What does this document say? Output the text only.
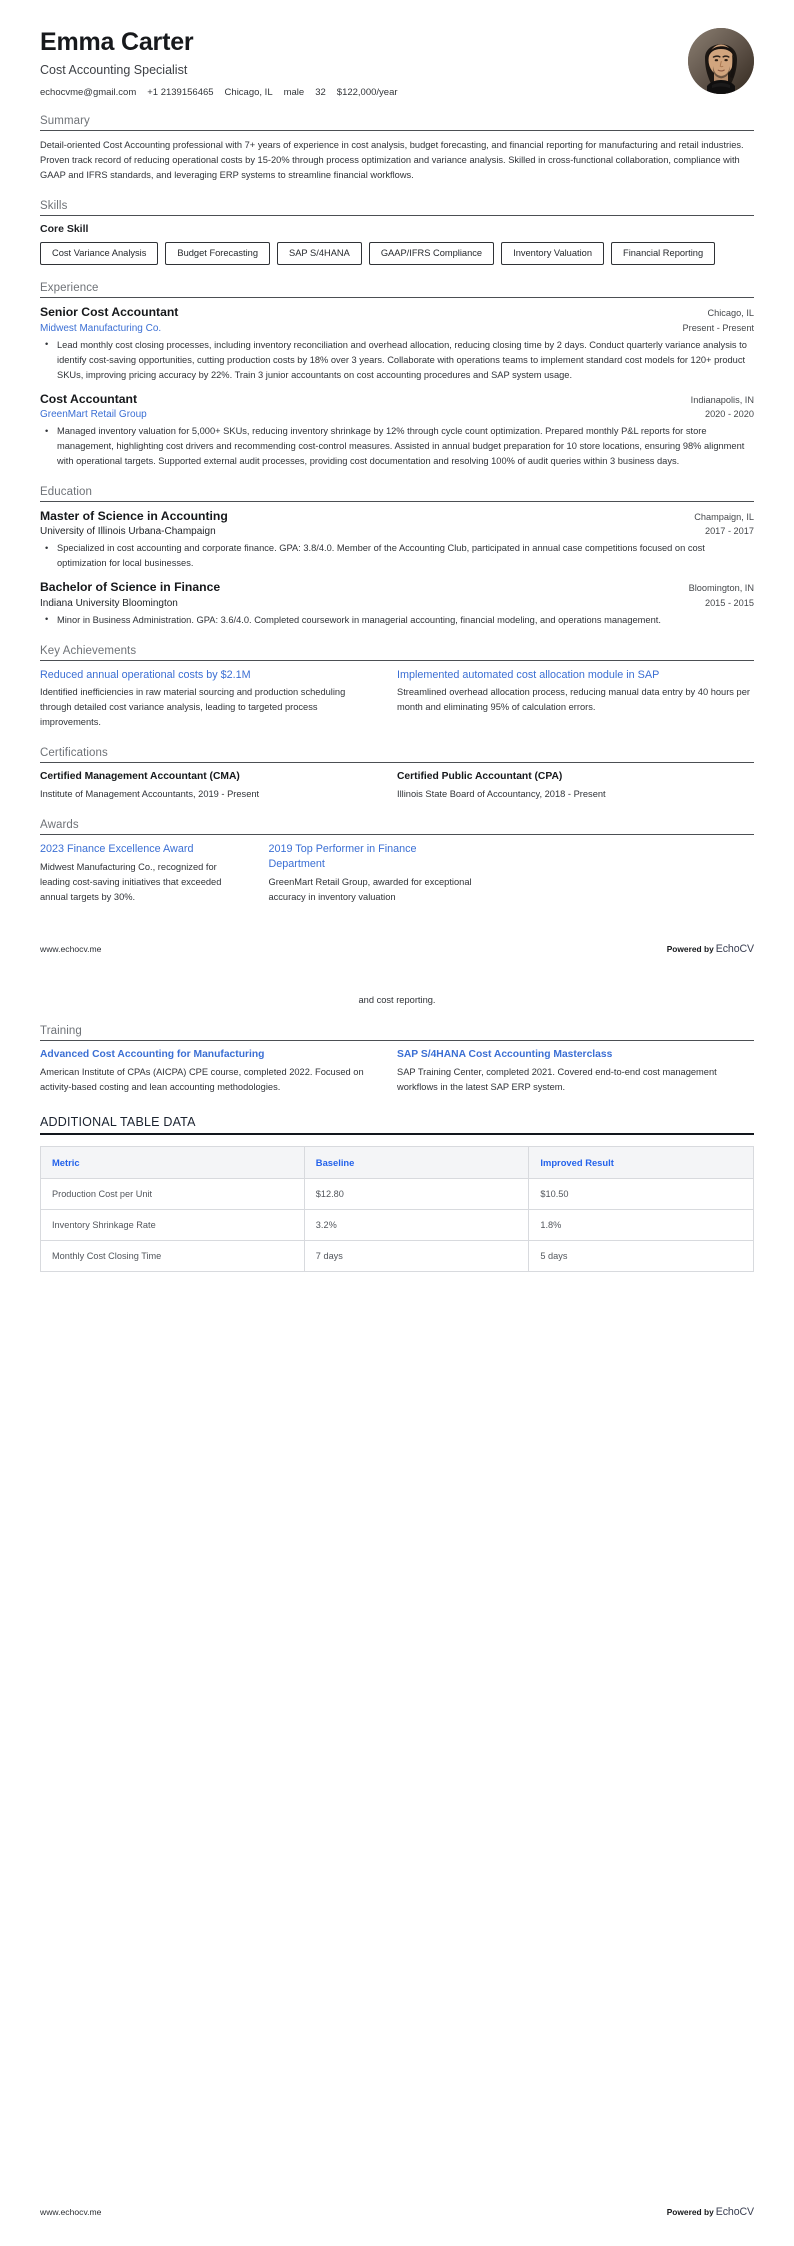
Emma Carter
Cost Accounting Specialist
echocvme@gmail.com +1 2139156465 Chicago, IL male 32 $122,000/year
Summary
Detail-oriented Cost Accounting professional with 7+ years of experience in cost analysis, budget forecasting, and financial reporting for manufacturing and retail industries. Proven track record of reducing operational costs by 15-20% through process optimization and variance analysis. Skilled in cross-functional collaboration, compliance with GAAP and IFRS standards, and leveraging ERP systems to streamline financial workflows.
Skills
Core Skill
Cost Variance Analysis	Budget Forecasting	SAP S/4HANA	GAAP/IFRS Compliance	Inventory Valuation	Financial Reporting
Experience
Senior Cost Accountant	Chicago, IL
Midwest Manufacturing Co.	Present - Present
• Lead monthly cost closing processes, including inventory reconciliation and overhead allocation, reducing closing time by 2 days. Conduct quarterly variance analysis to identify cost-saving opportunities, cutting production costs by 18% over 3 years. Collaborate with operations teams to implement standard cost models for 120+ product SKUs, improving pricing accuracy by 22%. Train 3 junior accountants on cost accounting procedures and SAP system usage.
Cost Accountant	Indianapolis, IN
GreenMart Retail Group	2020 - 2020
• Managed inventory valuation for 5,000+ SKUs, reducing inventory shrinkage by 12% through cycle count optimization. Prepared monthly P&L reports for store management, highlighting cost drivers and recommending cost-control measures. Assisted in annual budget preparation for 10 store locations, ensuring 98% alignment with operational targets. Supported external audit processes, providing cost documentation and resolving 100% of audit queries within 3 business days.
Education
Master of Science in Accounting	Champaign, IL
University of Illinois Urbana-Champaign	2017 - 2017
• Specialized in cost accounting and corporate finance. GPA: 3.8/4.0. Member of the Accounting Club, participated in annual case competitions focused on cost optimization for local businesses.
Bachelor of Science in Finance	Bloomington, IN
Indiana University Bloomington	2015 - 2015
• Minor in Business Administration. GPA: 3.6/4.0. Completed coursework in managerial accounting, financial modeling, and operations management.
Key Achievements
Reduced annual operational costs by $2.1M
Identified inefficiencies in raw material sourcing and production scheduling through detailed cost variance analysis, leading to targeted process improvements.
Implemented automated cost allocation module in SAP
Streamlined overhead allocation process, reducing manual data entry by 40 hours per month and eliminating 95% of calculation errors.
Certifications
Certified Management Accountant (CMA)
Institute of Management Accountants, 2019 - Present
Certified Public Accountant (CPA)
Illinois State Board of Accountancy, 2018 - Present
Awards
2023 Finance Excellence Award
Midwest Manufacturing Co., recognized for leading cost-saving initiatives that exceeded annual targets by 30%.
2019 Top Performer in Finance Department
GreenMart Retail Group, awarded for exceptional accuracy in inventory valuation
www.echocv.me	Powered by EchoCV
and cost reporting.
Training
Advanced Cost Accounting for Manufacturing
American Institute of CPAs (AICPA) CPE course, completed 2022. Focused on activity-based costing and lean accounting methodologies.
SAP S/4HANA Cost Accounting Masterclass
SAP Training Center, completed 2021. Covered end-to-end cost management workflows in the latest SAP ERP system.
ADDITIONAL TABLE DATA
Metric	Baseline	Improved Result
Production Cost per Unit	$12.80	$10.50
Inventory Shrinkage Rate	3.2%	1.8%
Monthly Cost Closing Time	7 days	5 days
www.echocv.me	Powered by EchoCV
